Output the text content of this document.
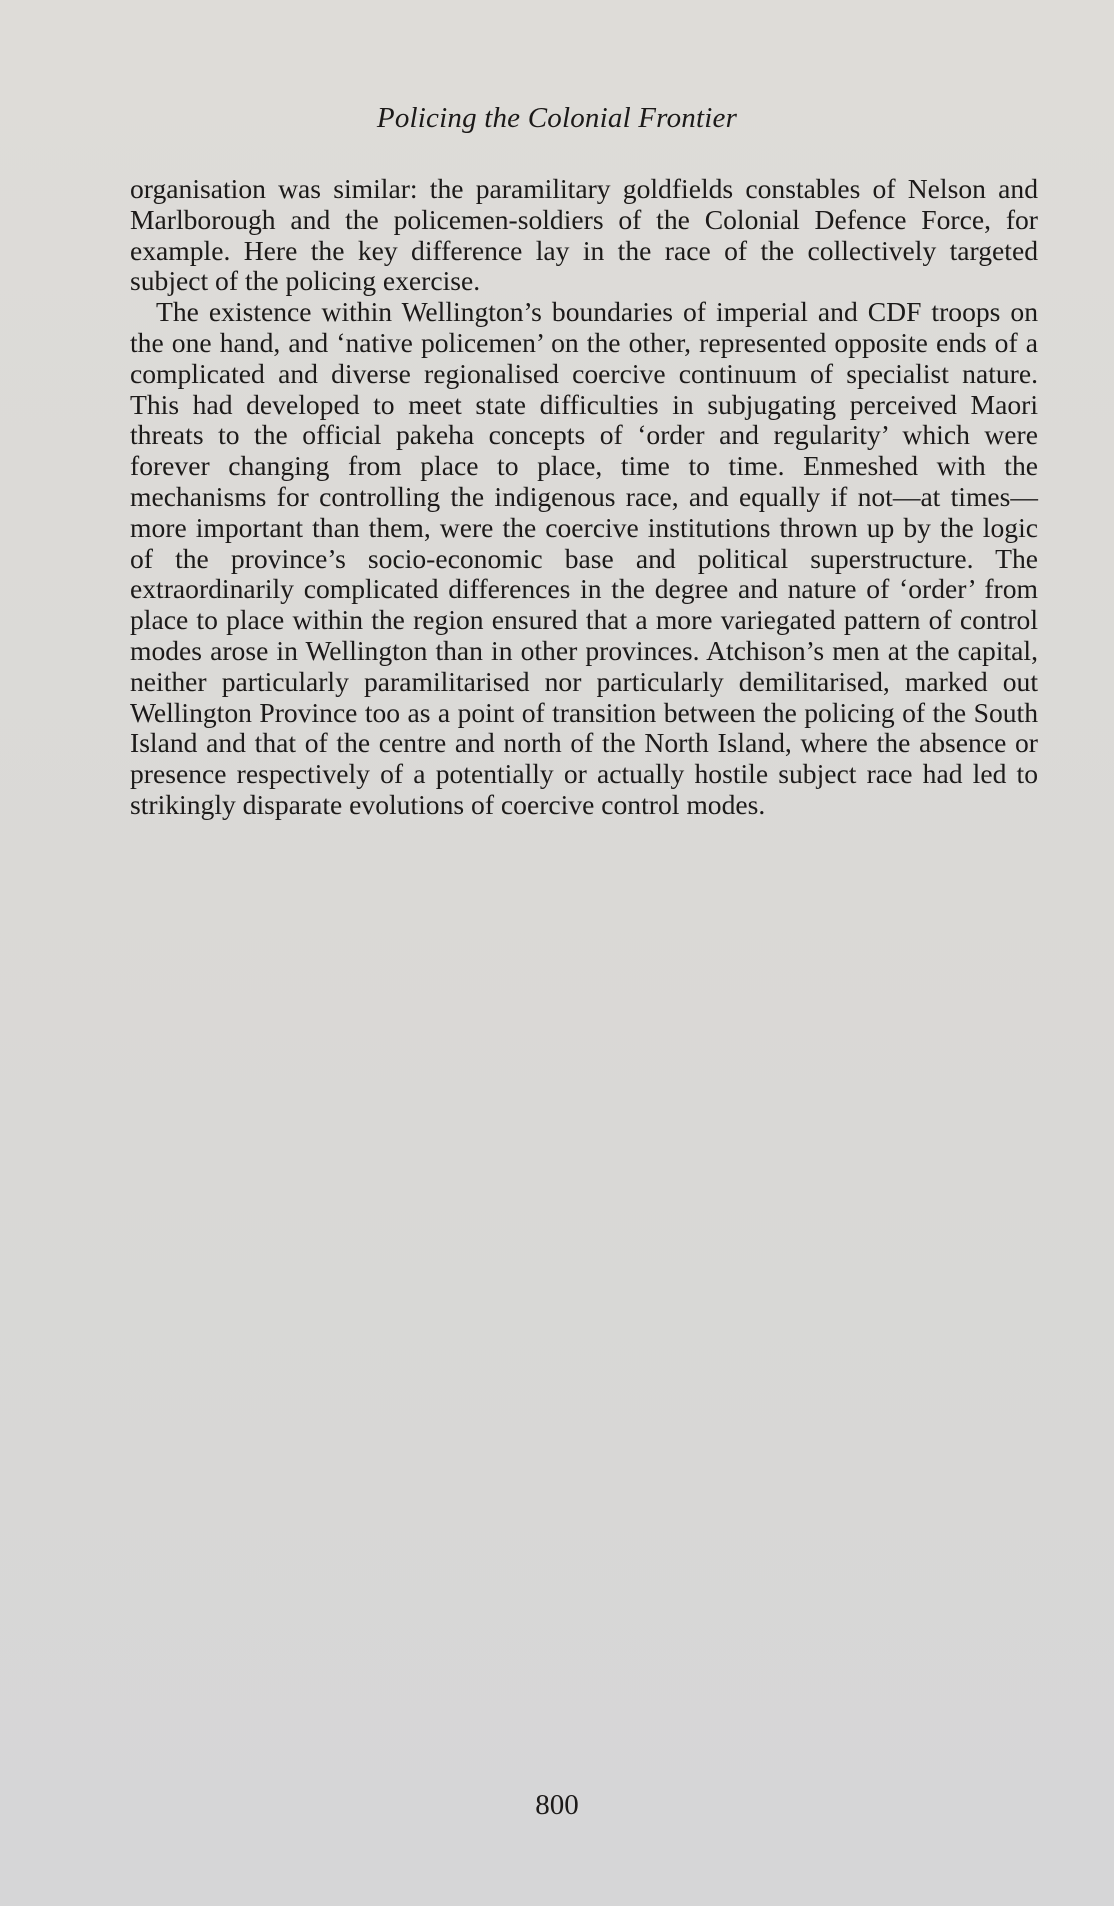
Policing the Colonial Frontier

organisation was similar: the paramilitary goldfields constables of Nelson and Marlborough and the policemen-soldiers of the Colonial Defence Force, for example. Here the key difference lay in the race of the collectively targeted subject of the policing exercise.

The existence within Wellington’s boundaries of imperial and CDF troops on the one hand, and ‘native policemen’ on the other, represented opposite ends of a complicated and diverse regionalised coercive continuum of specialist nature. This had developed to meet state difficulties in subjugating perceived Maori threats to the official pakeha concepts of ‘order and regularity’ which were forever changing from place to place, time to time. Enmeshed with the mechanisms for controlling the indigenous race, and equally if not—at times—more important than them, were the coercive institutions thrown up by the logic of the province’s socio-economic base and political superstructure. The extraordinarily complicated differences in the degree and nature of ‘order’ from place to place within the region ensured that a more variegated pattern of control modes arose in Wellington than in other provinces. Atchison’s men at the capital, neither particularly paramilitarised nor particularly demilitarised, marked out Wellington Province too as a point of transition between the policing of the South Island and that of the centre and north of the North Island, where the absence or presence respectively of a potentially or actually hostile subject race had led to strikingly disparate evolutions of coercive control modes.

800
